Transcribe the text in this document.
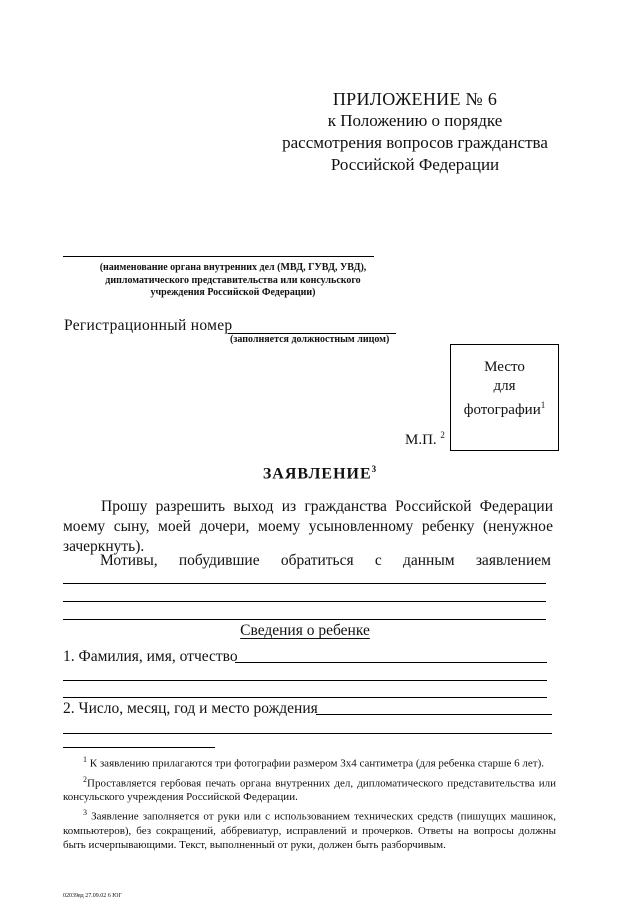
ПРИЛОЖЕНИЕ № 6
к Положению о порядке
рассмотрения вопросов гражданства
Российской Федерации
(наименование органа внутренних дел (МВД, ГУВД, УВД),
дипломатического представительства или консульского
учреждения Российской Федерации)
Регистрационный номер
(заполняется должностным лицом)
Место
для
фотографии$^1$
М.П. $^2$
ЗАЯВЛЕНИЕ$^3$
Прошу разрешить выход из гражданства Российской Федерации моему сыну, моей дочери, моему усыновленному ребенку (ненужное зачеркнуть).
Мотивы, побудившие обратиться с данным заявлением
Сведения о ребенке
1. Фамилия, имя, отчество
2. Число, месяц, год и место рождения

$^1$ К заявлению прилагаются три фотографии размером 3х4 сантиметра (для ребенка старше 6 лет).

$^2$Проставляется гербовая печать органа внутренних дел, дипломатического представительства или консульского учреждения Российской Федерации.

$^3$ Заявление заполняется от руки или с использованием технических средств (пишущих машинок, компьютеров), без сокращений, аббревиатур, исправлений и прочерков. Ответы на вопросы должны быть исчерпывающими. Текст, выполненный от руки, должен быть разборчивым.

02039вд 27.09.02 6 ЮГ
